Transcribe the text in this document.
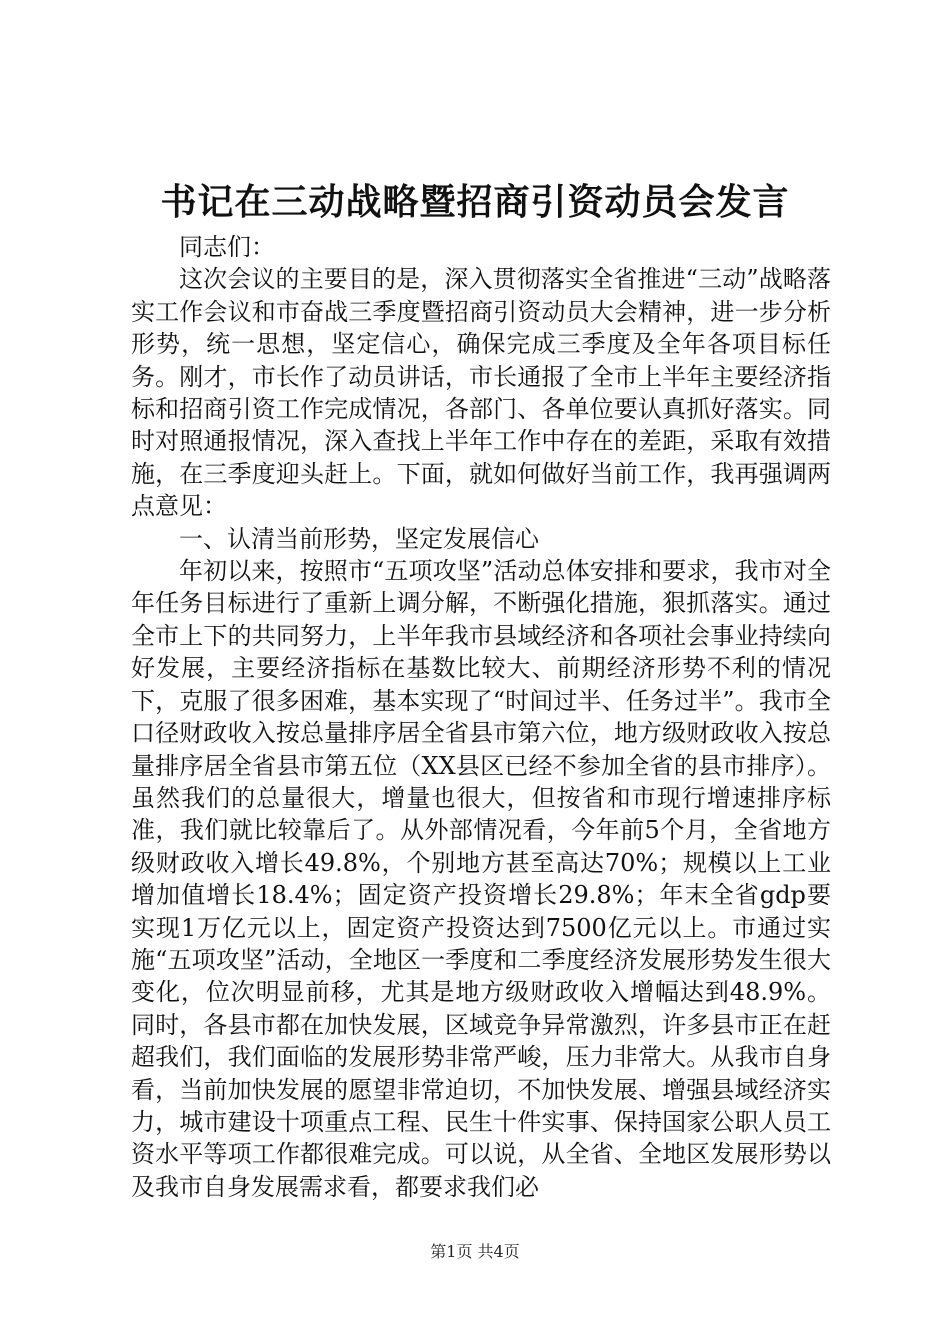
书记在三动战略暨招商引资动员会发言

同志们：

这次会议的主要目的是，深入贯彻落实全省推进“三动”战略落实工作会议和市奋战三季度暨招商引资动员大会精神，进一步分析形势，统一思想，坚定信心，确保完成三季度及全年各项目标任务。刚才，市长作了动员讲话，市长通报了全市上半年主要经济指标和招商引资工作完成情况，各部门、各单位要认真抓好落实。同时对照通报情况，深入查找上半年工作中存在的差距，采取有效措施，在三季度迎头赶上。下面，就如何做好当前工作，我再强调两点意见：

一、认清当前形势，坚定发展信心

年初以来，按照市“五项攻坚”活动总体安排和要求，我市对全年任务目标进行了重新上调分解，不断强化措施，狠抓落实。通过全市上下的共同努力，上半年我市县域经济和各项社会事业持续向好发展，主要经济指标在基数比较大、前期经济形势不利的情况下，克服了很多困难，基本实现了“时间过半、任务过半”。我市全口径财政收入按总量排序居全省县市第六位，地方级财政收入按总量排序居全省县市第五位（XX县区已经不参加全省的县市排序）。虽然我们的总量很大，增量也很大，但按省和市现行增速排序标准，我们就比较靠后了。从外部情况看，今年前5个月，全省地方级财政收入增长49.8%，个别地方甚至高达70%；规模以上工业增加值增长18.4%；固定资产投资增长29.8%；年末全省gdp要实现1万亿元以上，固定资产投资达到7500亿元以上。市通过实施“五项攻坚”活动，全地区一季度和二季度经济发展形势发生很大变化，位次明显前移，尤其是地方级财政收入增幅达到48.9%。同时，各县市都在加快发展，区域竞争异常激烈，许多县市正在赶超我们，我们面临的发展形势非常严峻，压力非常大。从我市自身看，当前加快发展的愿望非常迫切，不加快发展、增强县域经济实力，城市建设十项重点工程、民生十件实事、保持国家公职人员工资水平等项工作都很难完成。可以说，从全省、全地区发展形势以及我市自身发展需求看，都要求我们必

第1页 共4页
